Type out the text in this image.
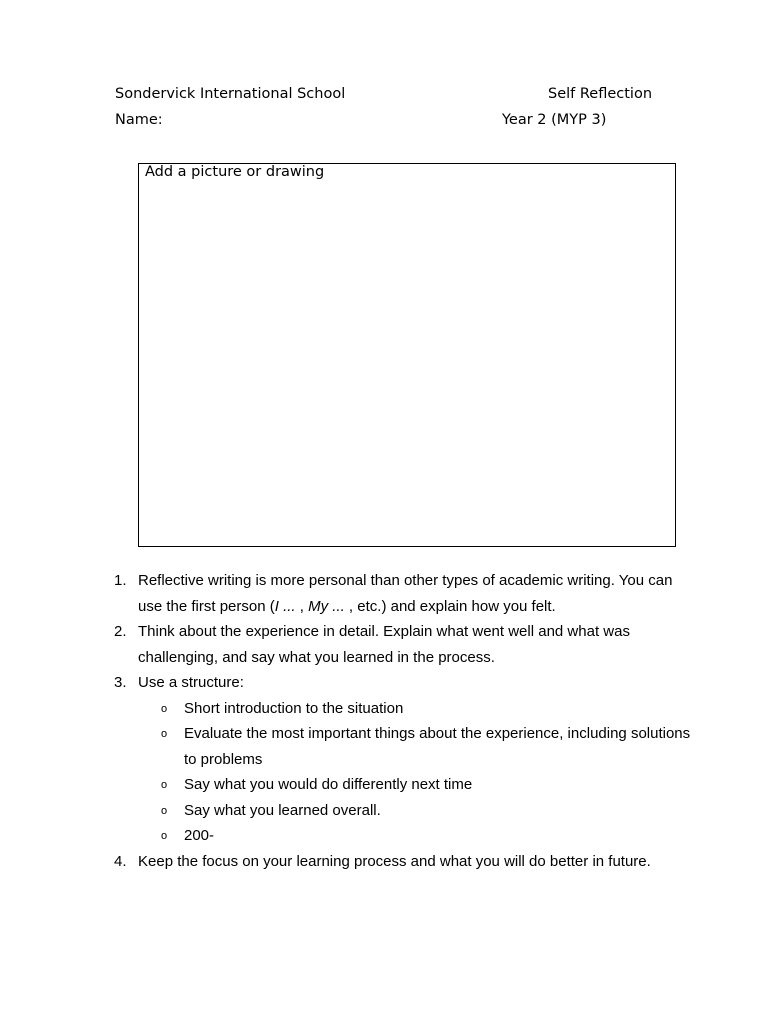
Sondervick International School	Self Reflection
Name:	Year 2 (MYP 3)
Add a picture or drawing
1. Reflective writing is more personal than other types of academic writing. You can use the first person (I ... , My ... , etc.) and explain how you felt.
2. Think about the experience in detail. Explain what went well and what was challenging, and say what you learned in the process.
3. Use a structure:
o Short introduction to the situation
o Evaluate the most important things about the experience, including solutions to problems
o Say what you would do differently next time
o Say what you learned overall.
o 200-
4. Keep the focus on your learning process and what you will do better in future.
